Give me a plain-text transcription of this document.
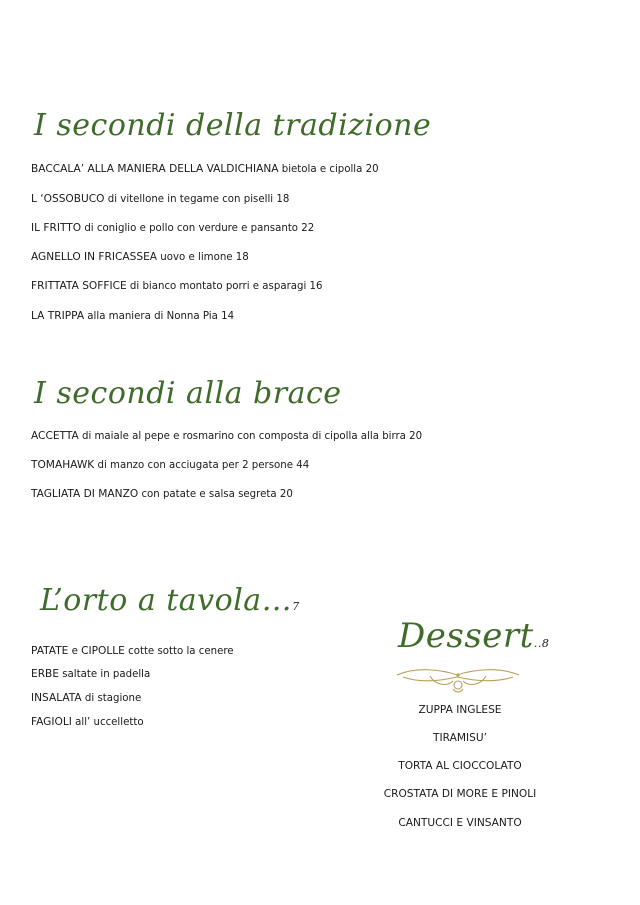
I secondi della tradizione
BACCALA’ ALLA MANIERA DELLA VALDICHIANA bietola e cipolla 20
L ‘OSSOBUCO di vitellone in tegame con piselli 18
IL FRITTO di coniglio e pollo con verdure e pansanto 22
AGNELLO IN FRICASSEA uovo e limone 18
FRITTATA SOFFICE di bianco montato porri e asparagi 16
LA TRIPPA alla maniera di Nonna Pia 14
I secondi alla brace
ACCETTA di maiale al pepe e rosmarino con composta di cipolla alla birra 20
TOMAHAWK di manzo con acciugata per 2 persone 44
TAGLIATA DI MANZO con patate e salsa segreta 20
L’orto a tavola…7
PATATE e CIPOLLE cotte sotto la cenere
ERBE saltate in padella
INSALATA di stagione
FAGIOLI all’ uccelletto
Dessert..8
ZUPPA INGLESE
TIRAMISU’
TORTA AL CIOCCOLATO
CROSTATA DI MORE E PINOLI
CANTUCCI E VINSANTO
